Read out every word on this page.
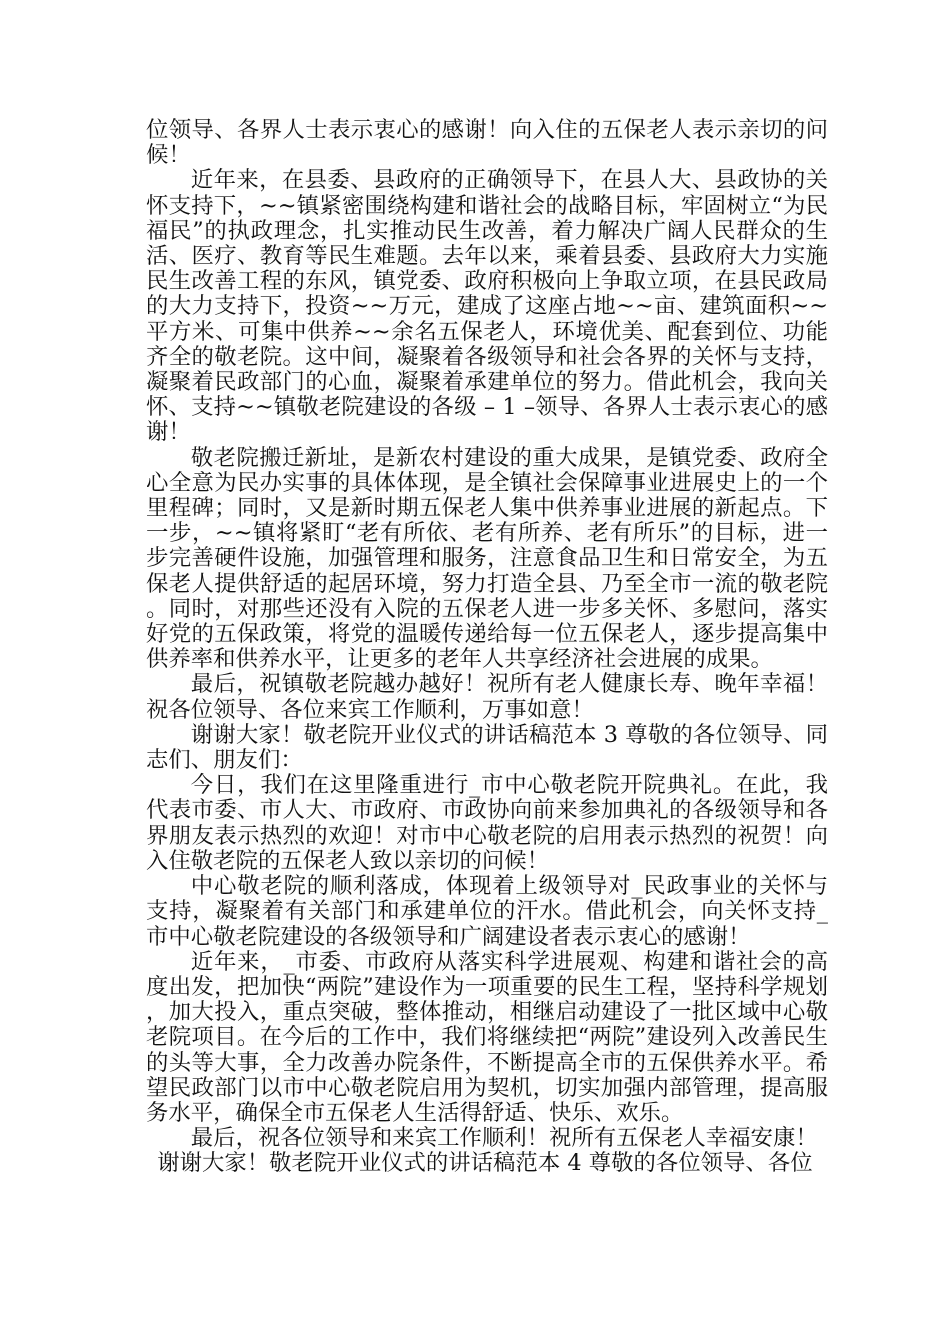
位领导、各界人士表示衷心的感谢！向入住的五保老人表示亲切的问候！

近年来，在县委、县政府的正确领导下，在县人大、县政协的关怀支持下，~~镇紧密围绕构建和谐社会的战略目标，牢固树立“为民福民”的执政理念，扎实推动民生改善，着力解决广阔人民群众的生活、医疗、教育等民生难题。去年以来，乘着县委、县政府大力实施民生改善工程的东风，镇党委、政府积极向上争取立项，在县民政局的大力支持下，投资~~万元，建成了这座占地~~亩、建筑面积~~平方米、可集中供养~~余名五保老人，环境优美、配套到位、功能齐全的敬老院。这中间，凝聚着各级领导和社会各界的关怀与支持，凝聚着民政部门的心血，凝聚着承建单位的努力。借此机会，我向关怀、支持~~镇敬老院建设的各级 – 1 –领导、各界人士表示衷心的感谢！

敬老院搬迁新址，是新农村建设的重大成果，是镇党委、政府全心全意为民办实事的具体体现，是全镇社会保障事业进展史上的一个里程碑；同时，又是新时期五保老人集中供养事业进展的新起点。下一步，~~镇将紧盯“老有所依、老有所养、老有所乐”的目标，进一步完善硬件设施，加强管理和服务，注意食品卫生和日常安全，为五保老人提供舒适的起居环境，努力打造全县、乃至全市一流的敬老院。同时，对那些还没有入院的五保老人进一步多关怀、多慰问，落实好党的五保政策，将党的温暖传递给每一位五保老人，逐步提高集中供养率和供养水平，让更多的老年人共享经济社会进展的成果。

最后，祝镇敬老院越办越好！祝所有老人健康长寿、晚年幸福！祝各位领导、各位来宾工作顺利，万事如意！

谢谢大家！敬老院开业仪式的讲话稿范本 3 尊敬的各位领导、同志们、朋友们：

今日，我们在这里隆重进行_市中心敬老院开院典礼。在此，我代表市委、市人大、市政府、市政协向前来参加典礼的各级领导和各界朋友表示热烈的欢迎！对市中心敬老院的启用表示热烈的祝贺！向入住敬老院的五保老人致以亲切的问候！

中心敬老院的顺利落成，体现着上级领导对_民政事业的关怀与支持，凝聚着有关部门和承建单位的汗水。借此机会，向关怀支持_市中心敬老院建设的各级领导和广阔建设者表示衷心的感谢！

近年来，_市委、市政府从落实科学进展观、构建和谐社会的高度出发，把加快“两院”建设作为一项重要的民生工程，坚持科学规划，加大投入，重点突破，整体推动，相继启动建设了一批区域中心敬老院项目。在今后的工作中，我们将继续把“两院”建设列入改善民生的头等大事，全力改善办院条件，不断提高全市的五保供养水平。希望民政部门以市中心敬老院启用为契机，切实加强内部管理，提高服务水平，确保全市五保老人生活得舒适、快乐、欢乐。

最后，祝各位领导和来宾工作顺利！祝所有五保老人幸福安康！

谢谢大家！敬老院开业仪式的讲话稿范本 4 尊敬的各位领导、各位
